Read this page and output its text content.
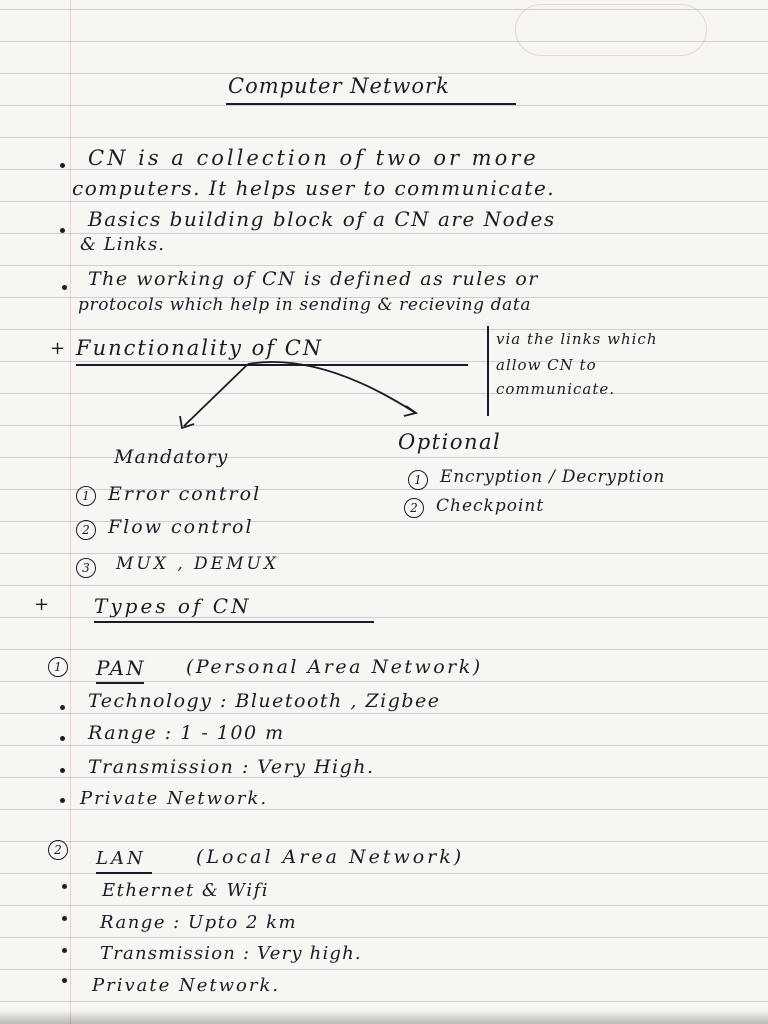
Computer Network
CN is a collection of two or more
computers. It helps user to communicate.
Basics building block of a CN are Nodes
& Links.
The working of CN is defined as rules or
protocols which help in sending & recieving data
via the links which
allow CN to
communicate.
+ Functionality of CN
Mandatory
Optional
1 Error control
2 Flow control
3	MUX , DEMUX
1	Encryption / Decryption
2	Checkpoint
+ Types of CN
1	PAN (Personal Area Network)
Technology : Bluetooth , Zigbee
Range : 1 - 100 m
Transmission : Very High.
Private Network.
2	LAN	(Local Area Network)
Ethernet & Wifi
Range : Upto 2 km
Transmission : Very high.
Private Network.
